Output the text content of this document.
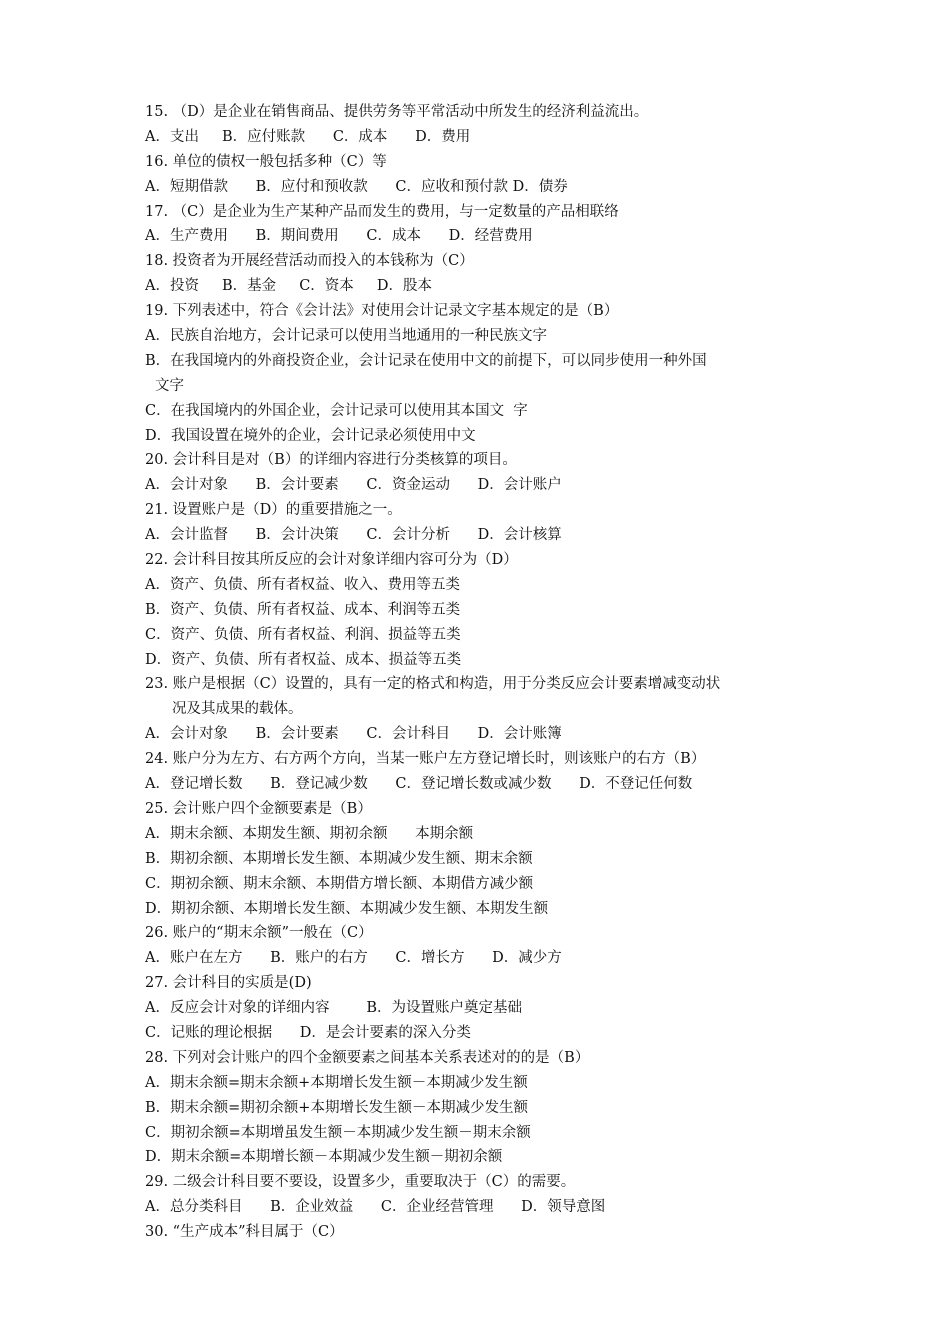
15. （D）是企业在销售商品、提供劳务等平常活动中所发生的经济利益流出。
A．支出     B．应付账款      C．成本      D．费用
16. 单位的债权一般包括多种（C）等
A．短期借款      B．应付和预收款      C．应收和预付款 D．债券
17. （C）是企业为生产某种产品而发生的费用，与一定数量的产品相联络
A．生产费用      B．期间费用      C．成本      D．经营费用
18. 投资者为开展经营活动而投入的本钱称为（C）
A．投资     B．基金     C．资本     D．股本
19. 下列表述中，符合《会计法》对使用会计记录文字基本规定的是（B）
A．民族自治地方，会计记录可以使用当地通用的一种民族文字
B．在我国境内的外商投资企业，会计记录在使用中文的前提下，可以同步使用一种外国
文字
C．在我国境内的外国企业，会计记录可以使用其本国文  字
D．我国设置在境外的企业，会计记录必须使用中文
20. 会计科目是对（B）的详细内容进行分类核算的项目。
A．会计对象      B．会计要素      C．资金运动      D．会计账户
21. 设置账户是（D）的重要措施之一。
A．会计监督      B．会计决策      C．会计分析      D．会计核算
22. 会计科目按其所反应的会计对象详细内容可分为（D）
A．资产、负债、所有者权益、收入、费用等五类
B．资产、负债、所有者权益、成本、利润等五类
C．资产、负债、所有者权益、利润、损益等五类
D．资产、负债、所有者权益、成本、损益等五类
23. 账户是根据（C）设置的，具有一定的格式和构造，用于分类反应会计要素增减变动状
况及其成果的载体。
A．会计对象      B．会计要素      C．会计科目      D．会计账簿
24. 账户分为左方、右方两个方向，当某一账户左方登记增长时，则该账户的右方（B）
A．登记增长数      B．登记减少数      C．登记增长数或减少数      D．不登记任何数
25. 会计账户四个金额要素是（B）
A．期末余额、本期发生额、期初余额      本期余额
B．期初余额、本期增长发生额、本期减少发生额、期末余额
C．期初余额、期末余额、本期借方增长额、本期借方减少额
D．期初余额、本期增长发生额、本期减少发生额、本期发生额
26. 账户的“期末余额”一般在（C）
A．账户在左方      B．账户的右方      C．增长方      D．减少方
27. 会计科目的实质是(D)
A．反应会计对象的详细内容        B．为设置账户奠定基础
C．记账的理论根据      D．是会计要素的深入分类
28. 下列对会计账户的四个金额要素之间基本关系表述对的的是（B）
A．期末余额=期末余额+本期增长发生额－本期减少发生额
B．期末余额=期初余额+本期增长发生额－本期减少发生额
C．期初余额=本期增虽发生额－本期减少发生额－期末余额
D．期末余额=本期增长额－本期减少发生额－期初余额
29. 二级会计科目要不要设，设置多少，重要取决于（C）的需要。
A．总分类科目      B．企业效益      C．企业经营管理      D．领导意图
30. “生产成本”科目属于（C）
